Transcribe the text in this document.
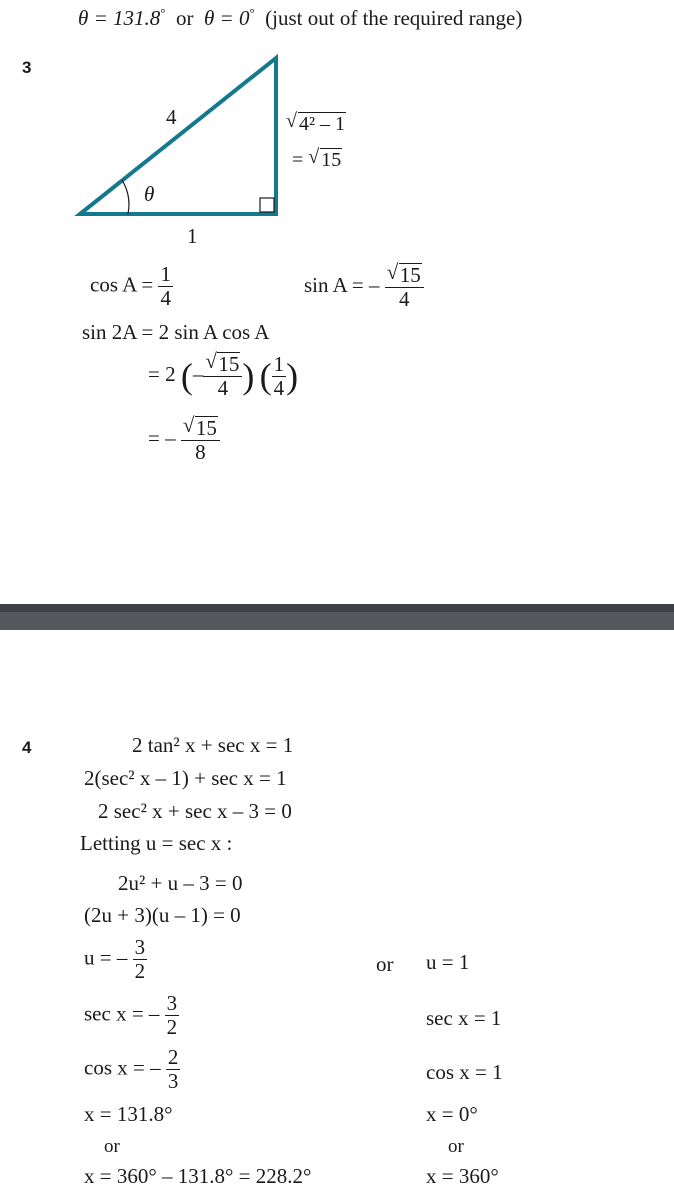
θ = 131.8° or θ = 0° (just out of the required range)
3
4
1
θ
√ 4² – 1
= √ 15
$\cos A = \frac{1}{4}$	sin A = – √ $\frac{15}{4}$
sin 2A = 2 sin A cos A
= 2 (– √ $\frac{15}{4}$ ) ( $\frac{1}{4}$ )
= – √ $\frac{15}{8}$
4	2 tan² x + sec x = 1
2(sec² x – 1) + sec x = 1
2 sec² x + sec x – 3 = 0
Letting u = sec x :
2u² + u – 3 = 0
(2u + 3)(u – 1) = 0
u = – $\frac{3}{2}$	or u = 1
sec x = – $\frac{3}{2}$	sec x = 1
cos x = – $\frac{2}{3}$	cos x = 1
x = 131.8°	x = 0°
or	or
x = 360° – 131.8° = 228.2°	x = 360°
